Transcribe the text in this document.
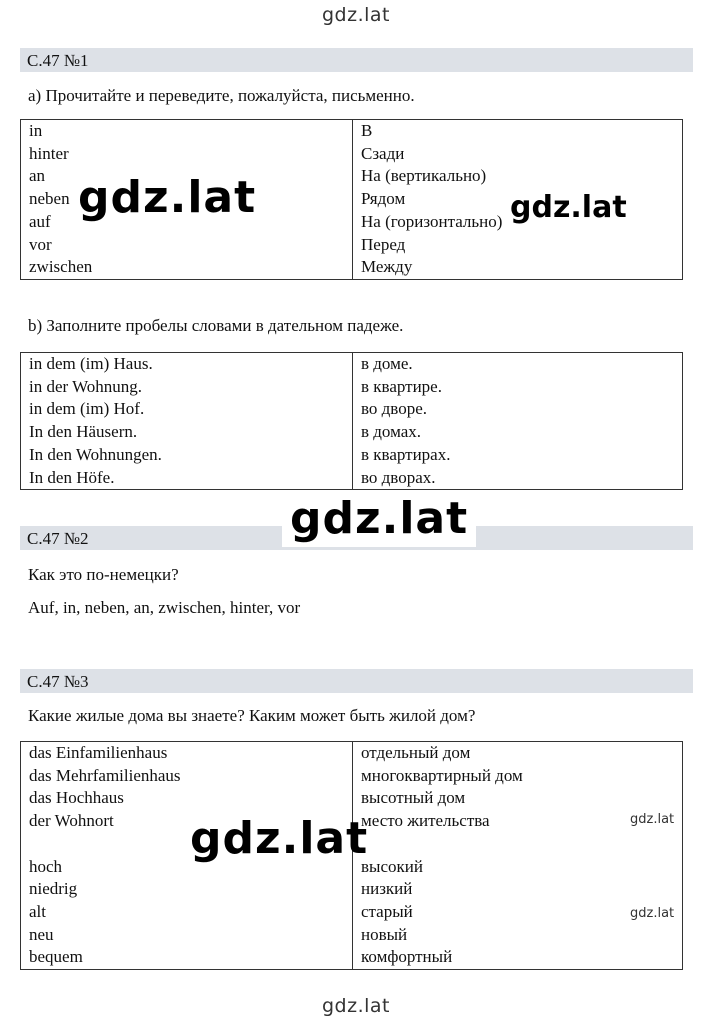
gdz.lat
С.47 №1
а) Прочитайте и переведите, пожалуйста, письменно.
in	В
hinter	Сзади
an	На (вертикально)
neben	Рядом
auf	На (горизонтально)
vor	Перед
zwischen	Между
b) Заполните пробелы словами в дательном падеже.
in dem (im) Haus.	в доме.
in der Wohnung.	в квартире.
in dem (im) Hof.	во дворе.
In den Häusern.	в домах.
In den Wohnungen.	в квартирах.
In den Höfe.	во дворах.
С.47 №2
Как это по-немецки?
Auf, in, neben, an, zwischen, hinter, vor
С.47 №3
Какие жилые дома вы знаете? Каким может быть жилой дом?
das Einfamilienhaus	отдельный дом
das Mehrfamilienhaus	многоквартирный дом
das Hochhaus	высотный дом
der Wohnort	место жительства

hoch	высокий
niedrig	низкий
alt	старый
neu	новый
bequem	комфортный
gdz.lat	gdz.lat
gdz.lat
gdz.lat	gdz.lat
gdz.lat
gdz.lat
